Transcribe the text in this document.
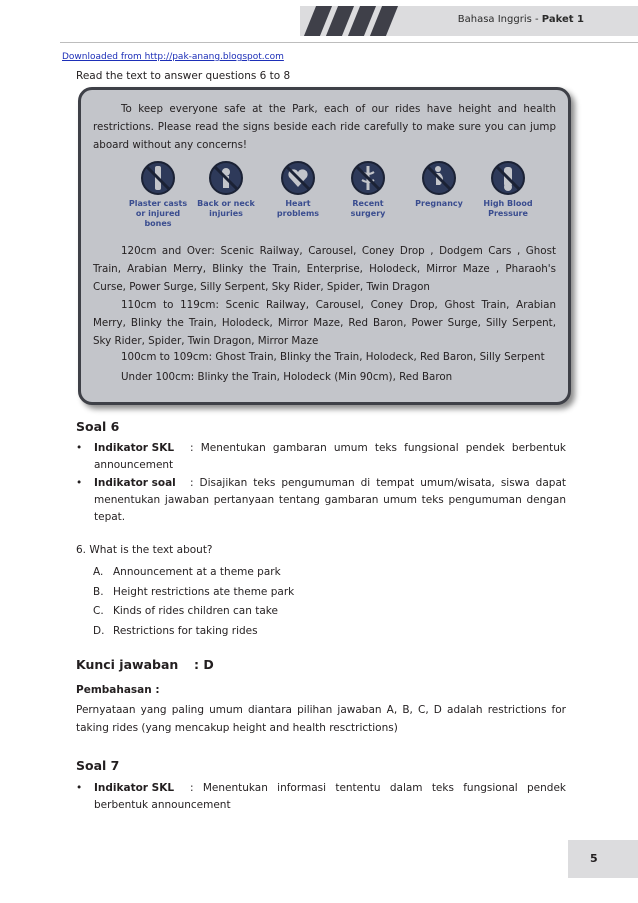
Bahasa Inggris - Paket 1
Downloaded from http://pak-anang.blogspot.com
Read the text to answer questions 6 to 8

To keep everyone safe at the Park, each of our rides have height and health restrictions. Please read the signs beside each ride carefully to make sure you can jump aboard without any concerns!

Plaster casts
or injured bones
Back or neck
injuries
Heart
problems
Recent
surgery
Pregnancy	High Blood
Pressure

120cm and Over: Scenic Railway, Carousel, Coney Drop , Dodgem Cars , Ghost Train, Arabian Merry, Blinky the Train, Enterprise, Holodeck, Mirror Maze , Pharaoh's Curse, Power Surge, Silly Serpent, Sky Rider, Spider, Twin Dragon

110cm to 119cm: Scenic Railway, Carousel, Coney Drop, Ghost Train, Arabian Merry, Blinky the Train, Holodeck, Mirror Maze, Red Baron, Power Surge, Silly Serpent, Sky Rider, Spider, Twin Dragon, Mirror Maze

100cm to 109cm: Ghost Train, Blinky the Train, Holodeck, Red Baron, Silly Serpent

Under 100cm: Blinky the Train, Holodeck (Min 90cm), Red Baron

Soal 6
• Indikator SKL : Menentukan gambaran umum teks fungsional pendek berbentuk announcement
• Indikator soal : Disajikan teks pengumuman di tempat umum/wisata, siswa dapat menentukan jawaban pertanyaan tentang gambaran umum teks pengumuman dengan tepat.
6. What is the text about?
A. Announcement at a theme park
B. Height restrictions ate theme park
C. Kinds of rides children can take
D. Restrictions for taking rides
Kunci jawaban : D
Pembahasan :
Pernyataan yang paling umum diantara pilihan jawaban A, B, C, D adalah restrictions for taking rides (yang mencakup height and health resctrictions)
Soal 7
• Indikator SKL : Menentukan informasi tententu dalam teks fungsional pendek berbentuk announcement
5
